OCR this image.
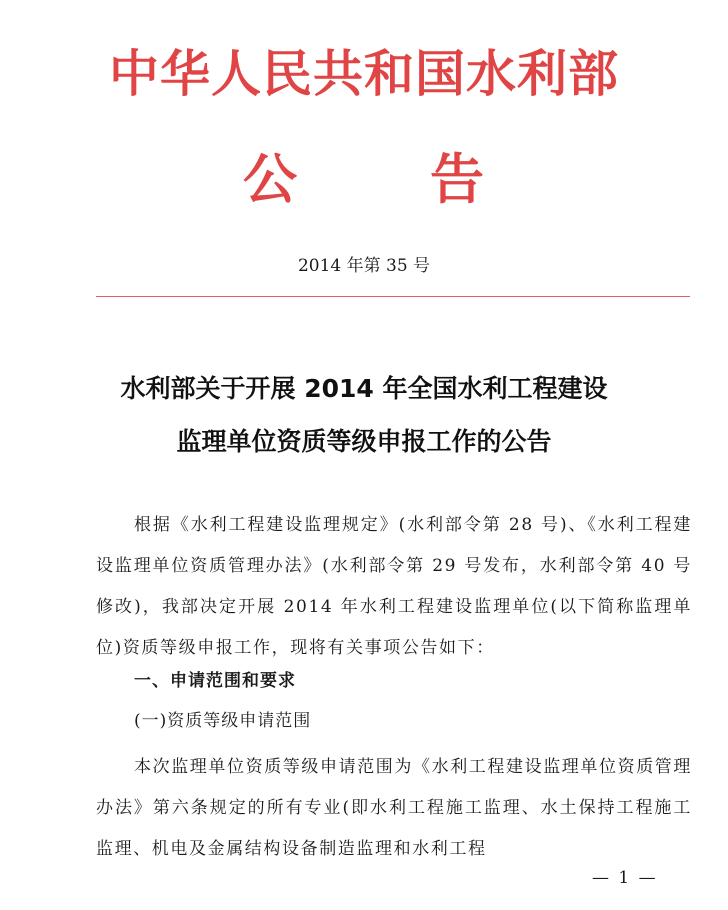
中华人民共和国水利部
公 告
2014 年第 35 号
水利部关于开展 2014 年全国水利工程建设
监理单位资质等级申报工作的公告

根据《水利工程建设监理规定》(水利部令第 28 号)、《水利工程建设监理单位资质管理办法》(水利部令第 29 号发布，水利部令第 40 号修改)，我部决定开展 2014 年水利工程建设监理单位(以下简称监理单位)资质等级申报工作，现将有关事项公告如下：

一、申请范围和要求
(一)资质等级申请范围

本次监理单位资质等级申请范围为《水利工程建设监理单位资质管理办法》第六条规定的所有专业(即水利工程施工监理、水土保持工程施工监理、机电及金属结构设备制造监理和水利工程

— 1 —
